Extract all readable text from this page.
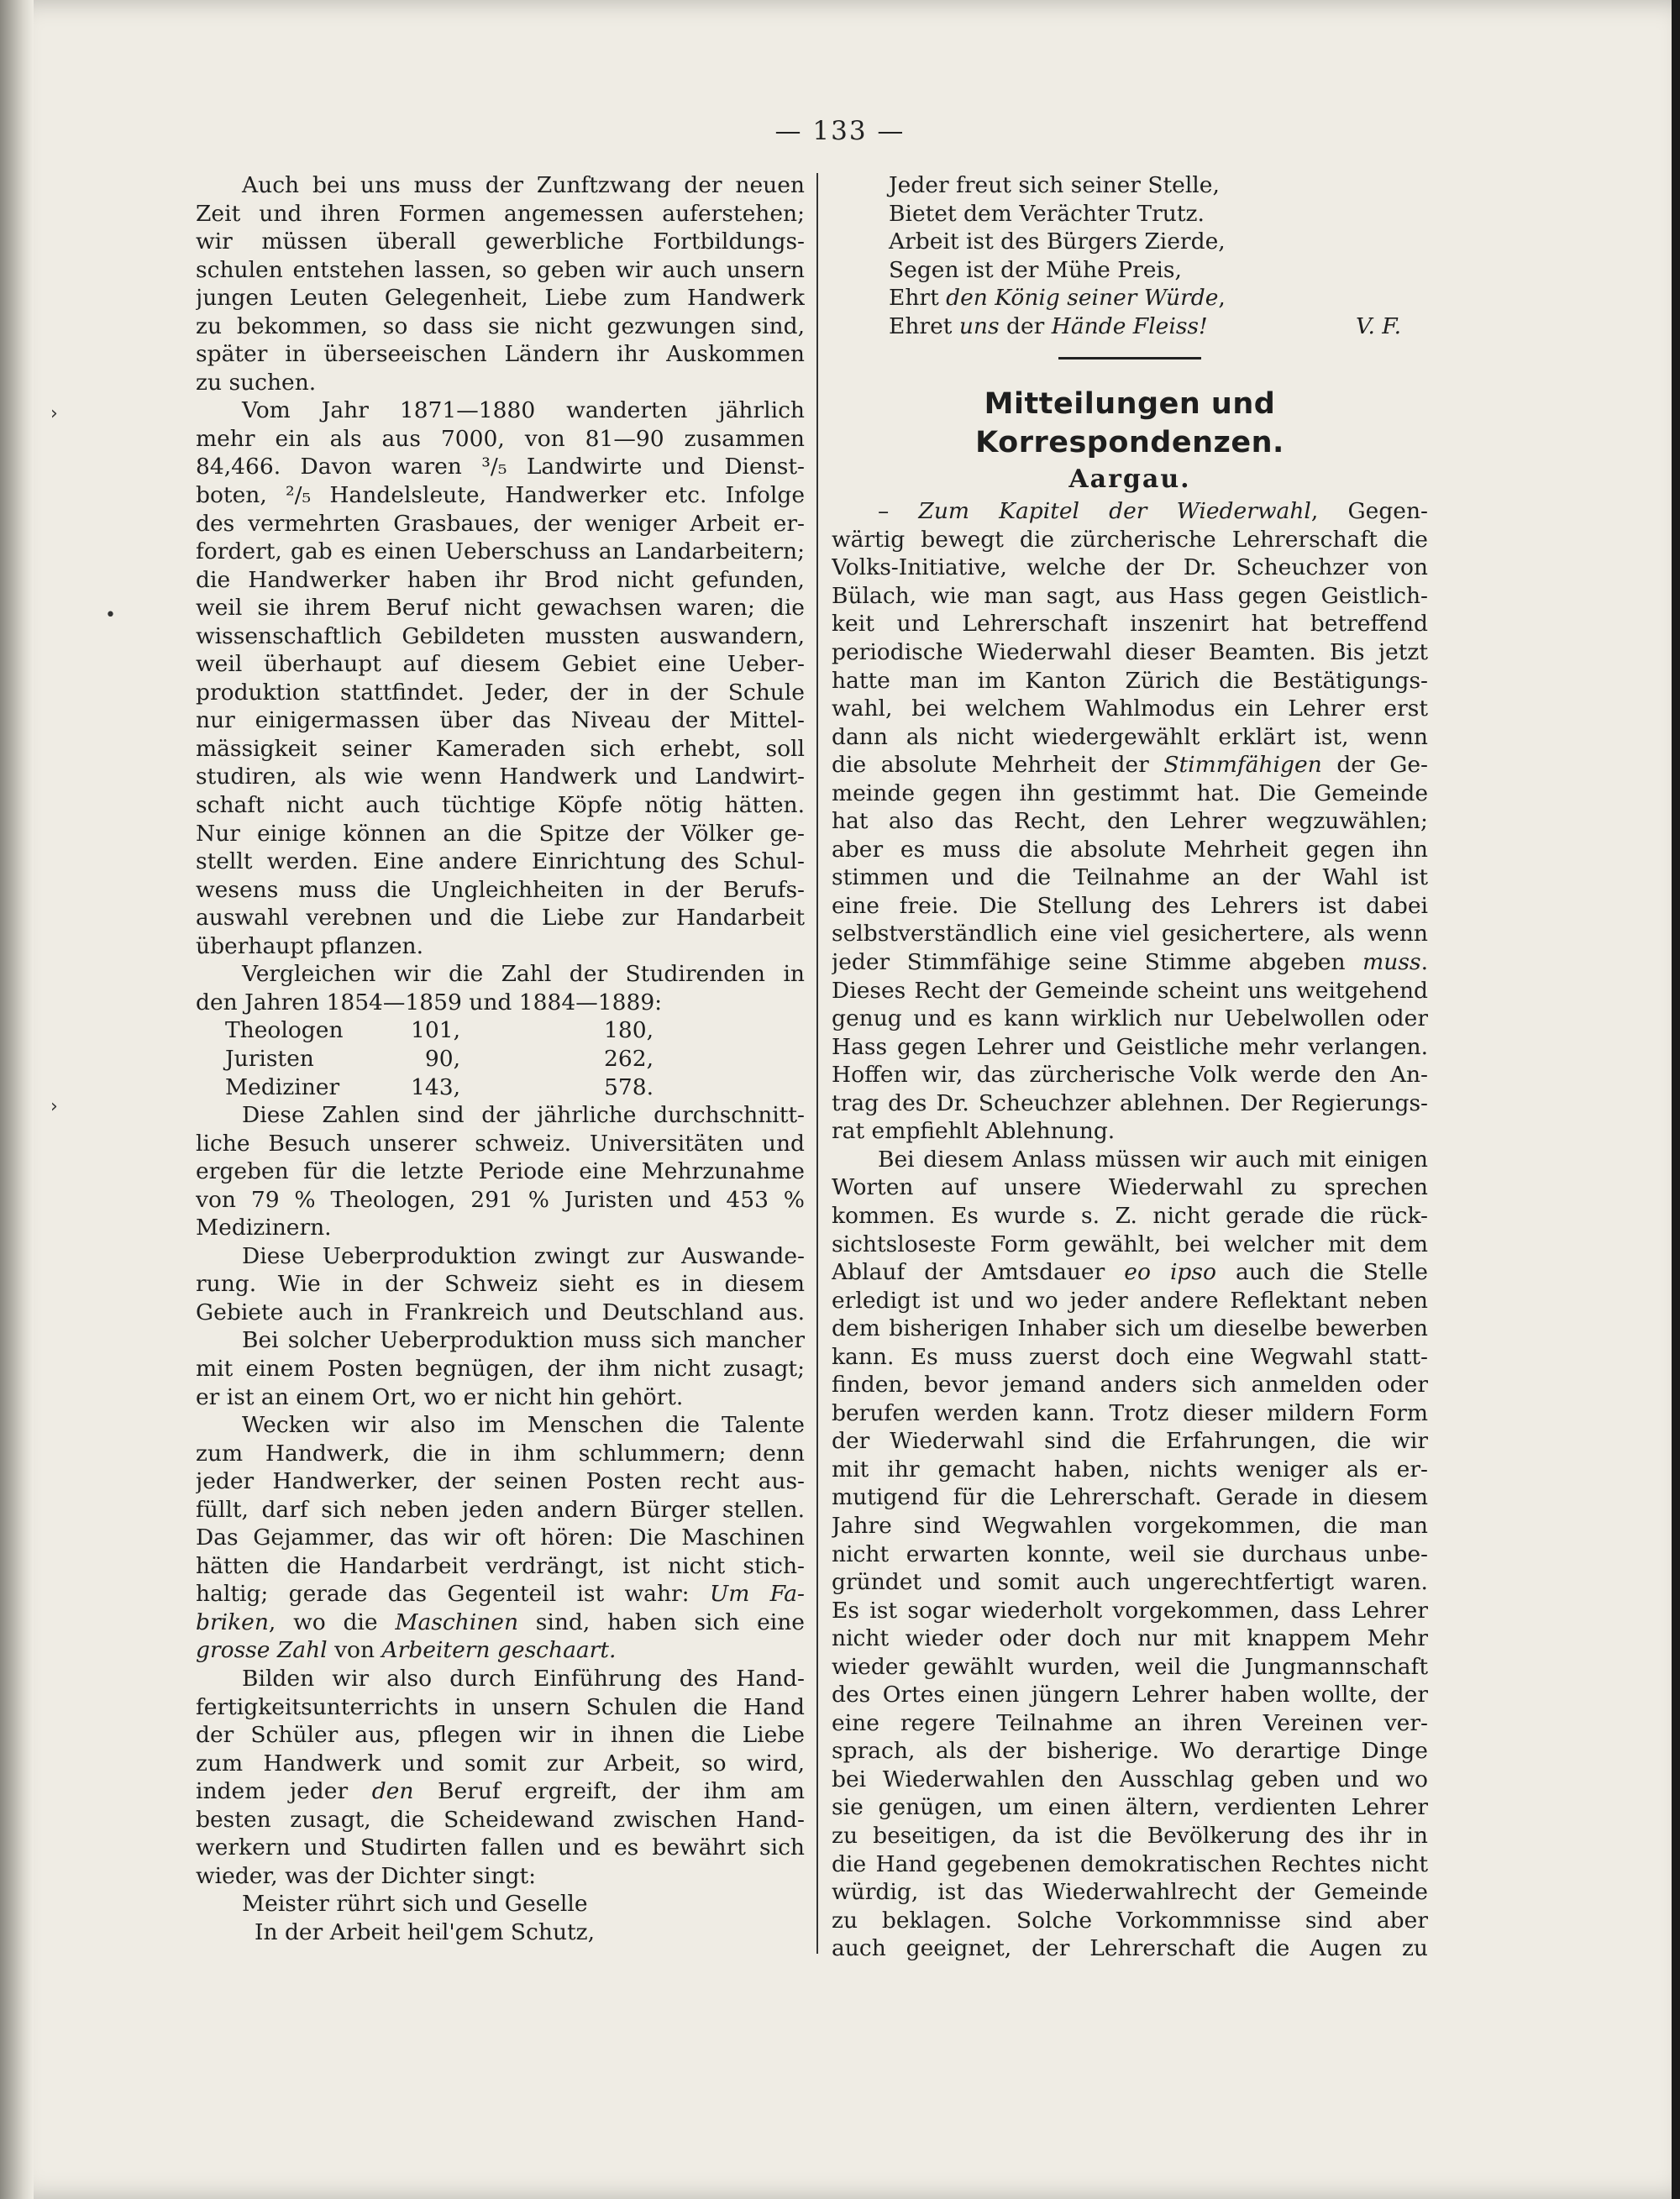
— 133 —
Auch bei uns muss der Zunftzwang der neuen
Zeit und ihren Formen angemessen auferstehen;
wir müssen überall gewerbliche Fortbildungs-
schulen entstehen lassen, so geben wir auch unsern
jungen Leuten Gelegenheit, Liebe zum Handwerk
zu bekommen, so dass sie nicht gezwungen sind,
später in überseeischen Ländern ihr Auskommen
zu suchen.
Vom Jahr 1871—1880 wanderten jährlich
mehr ein als aus 7000, von 81—90 zusammen
84,466. Davon waren ³/₅ Landwirte und Dienst-
boten, ²/₅ Handelsleute, Handwerker etc. Infolge
des vermehrten Grasbaues, der weniger Arbeit er-
fordert, gab es einen Ueberschuss an Landarbeitern;
die Handwerker haben ihr Brod nicht gefunden,
weil sie ihrem Beruf nicht gewachsen waren; die
wissenschaftlich Gebildeten mussten auswandern,
weil überhaupt auf diesem Gebiet eine Ueber-
produktion stattfindet. Jeder, der in der Schule
nur einigermassen über das Niveau der Mittel-
mässigkeit seiner Kameraden sich erhebt, soll
studiren, als wie wenn Handwerk und Landwirt-
schaft nicht auch tüchtige Köpfe nötig hätten.
Nur einige können an die Spitze der Völker ge-
stellt werden. Eine andere Einrichtung des Schul-
wesens muss die Ungleichheiten in der Berufs-
auswahl verebnen und die Liebe zur Handarbeit
überhaupt pflanzen.
Vergleichen wir die Zahl der Studirenden in
den Jahren 1854—1859 und 1884—1889:
Theologen	101,	180,
Juristen	90,	262,
Mediziner	143,	578.
Diese Zahlen sind der jährliche durchschnitt-
liche Besuch unserer schweiz. Universitäten und
ergeben für die letzte Periode eine Mehrzunahme
von 79 % Theologen, 291 % Juristen und 453 %
Medizinern.
Diese Ueberproduktion zwingt zur Auswande-
rung. Wie in der Schweiz sieht es in diesem
Gebiete auch in Frankreich und Deutschland aus.
Bei solcher Ueberproduktion muss sich mancher
mit einem Posten begnügen, der ihm nicht zusagt;
er ist an einem Ort, wo er nicht hin gehört.
Wecken wir also im Menschen die Talente
zum Handwerk, die in ihm schlummern; denn
jeder Handwerker, der seinen Posten recht aus-
füllt, darf sich neben jeden andern Bürger stellen.
Das Gejammer, das wir oft hören: Die Maschinen
hätten die Handarbeit verdrängt, ist nicht stich-
haltig; gerade das Gegenteil ist wahr: Um Fa-
briken, wo die Maschinen sind, haben sich eine
grosse Zahl von Arbeitern geschaart.
Bilden wir also durch Einführung des Hand-
fertigkeitsunterrichts in unsern Schulen die Hand
der Schüler aus, pflegen wir in ihnen die Liebe
zum Handwerk und somit zur Arbeit, so wird,
indem jeder den Beruf ergreift, der ihm am
besten zusagt, die Scheidewand zwischen Hand-
werkern und Studirten fallen und es bewährt sich
wieder, was der Dichter singt:
Meister rührt sich und Geselle
In der Arbeit heil'gem Schutz,
Jeder freut sich seiner Stelle,
Bietet dem Verächter Trutz.
Arbeit ist des Bürgers Zierde,
Segen ist der Mühe Preis,
Ehrt den König seiner Würde,
Ehret uns der Hände Fleiss!	V. F.
Mitteilungen und Korrespondenzen.
Aargau.
– Zum Kapitel der Wiederwahl, Gegen-
wärtig bewegt die zürcherische Lehrerschaft die
Volks-Initiative, welche der Dr. Scheuchzer von
Bülach, wie man sagt, aus Hass gegen Geistlich-
keit und Lehrerschaft inszenirt hat betreffend
periodische Wiederwahl dieser Beamten. Bis jetzt
hatte man im Kanton Zürich die Bestätigungs-
wahl, bei welchem Wahlmodus ein Lehrer erst
dann als nicht wiedergewählt erklärt ist, wenn
die absolute Mehrheit der Stimmfähigen der Ge-
meinde gegen ihn gestimmt hat. Die Gemeinde
hat also das Recht, den Lehrer wegzuwählen;
aber es muss die absolute Mehrheit gegen ihn
stimmen und die Teilnahme an der Wahl ist
eine freie. Die Stellung des Lehrers ist dabei
selbstverständlich eine viel gesichertere, als wenn
jeder Stimmfähige seine Stimme abgeben muss.
Dieses Recht der Gemeinde scheint uns weitgehend
genug und es kann wirklich nur Uebelwollen oder
Hass gegen Lehrer und Geistliche mehr verlangen.
Hoffen wir, das zürcherische Volk werde den An-
trag des Dr. Scheuchzer ablehnen. Der Regierungs-
rat empfiehlt Ablehnung.
Bei diesem Anlass müssen wir auch mit einigen
Worten auf unsere Wiederwahl zu sprechen
kommen. Es wurde s. Z. nicht gerade die rück-
sichtsloseste Form gewählt, bei welcher mit dem
Ablauf der Amtsdauer eo ipso auch die Stelle
erledigt ist und wo jeder andere Reflektant neben
dem bisherigen Inhaber sich um dieselbe bewerben
kann. Es muss zuerst doch eine Wegwahl statt-
finden, bevor jemand anders sich anmelden oder
berufen werden kann. Trotz dieser mildern Form
der Wiederwahl sind die Erfahrungen, die wir
mit ihr gemacht haben, nichts weniger als er-
mutigend für die Lehrerschaft. Gerade in diesem
Jahre sind Wegwahlen vorgekommen, die man
nicht erwarten konnte, weil sie durchaus unbe-
gründet und somit auch ungerechtfertigt waren.
Es ist sogar wiederholt vorgekommen, dass Lehrer
nicht wieder oder doch nur mit knappem Mehr
wieder gewählt wurden, weil die Jungmannschaft
des Ortes einen jüngern Lehrer haben wollte, der
eine regere Teilnahme an ihren Vereinen ver-
sprach, als der bisherige. Wo derartige Dinge
bei Wiederwahlen den Ausschlag geben und wo
sie genügen, um einen ältern, verdienten Lehrer
zu beseitigen, da ist die Bevölkerung des ihr in
die Hand gegebenen demokratischen Rechtes nicht
würdig, ist das Wiederwahlrecht der Gemeinde
zu beklagen. Solche Vorkommnisse sind aber
auch geeignet, der Lehrerschaft die Augen zu
›
•
›
